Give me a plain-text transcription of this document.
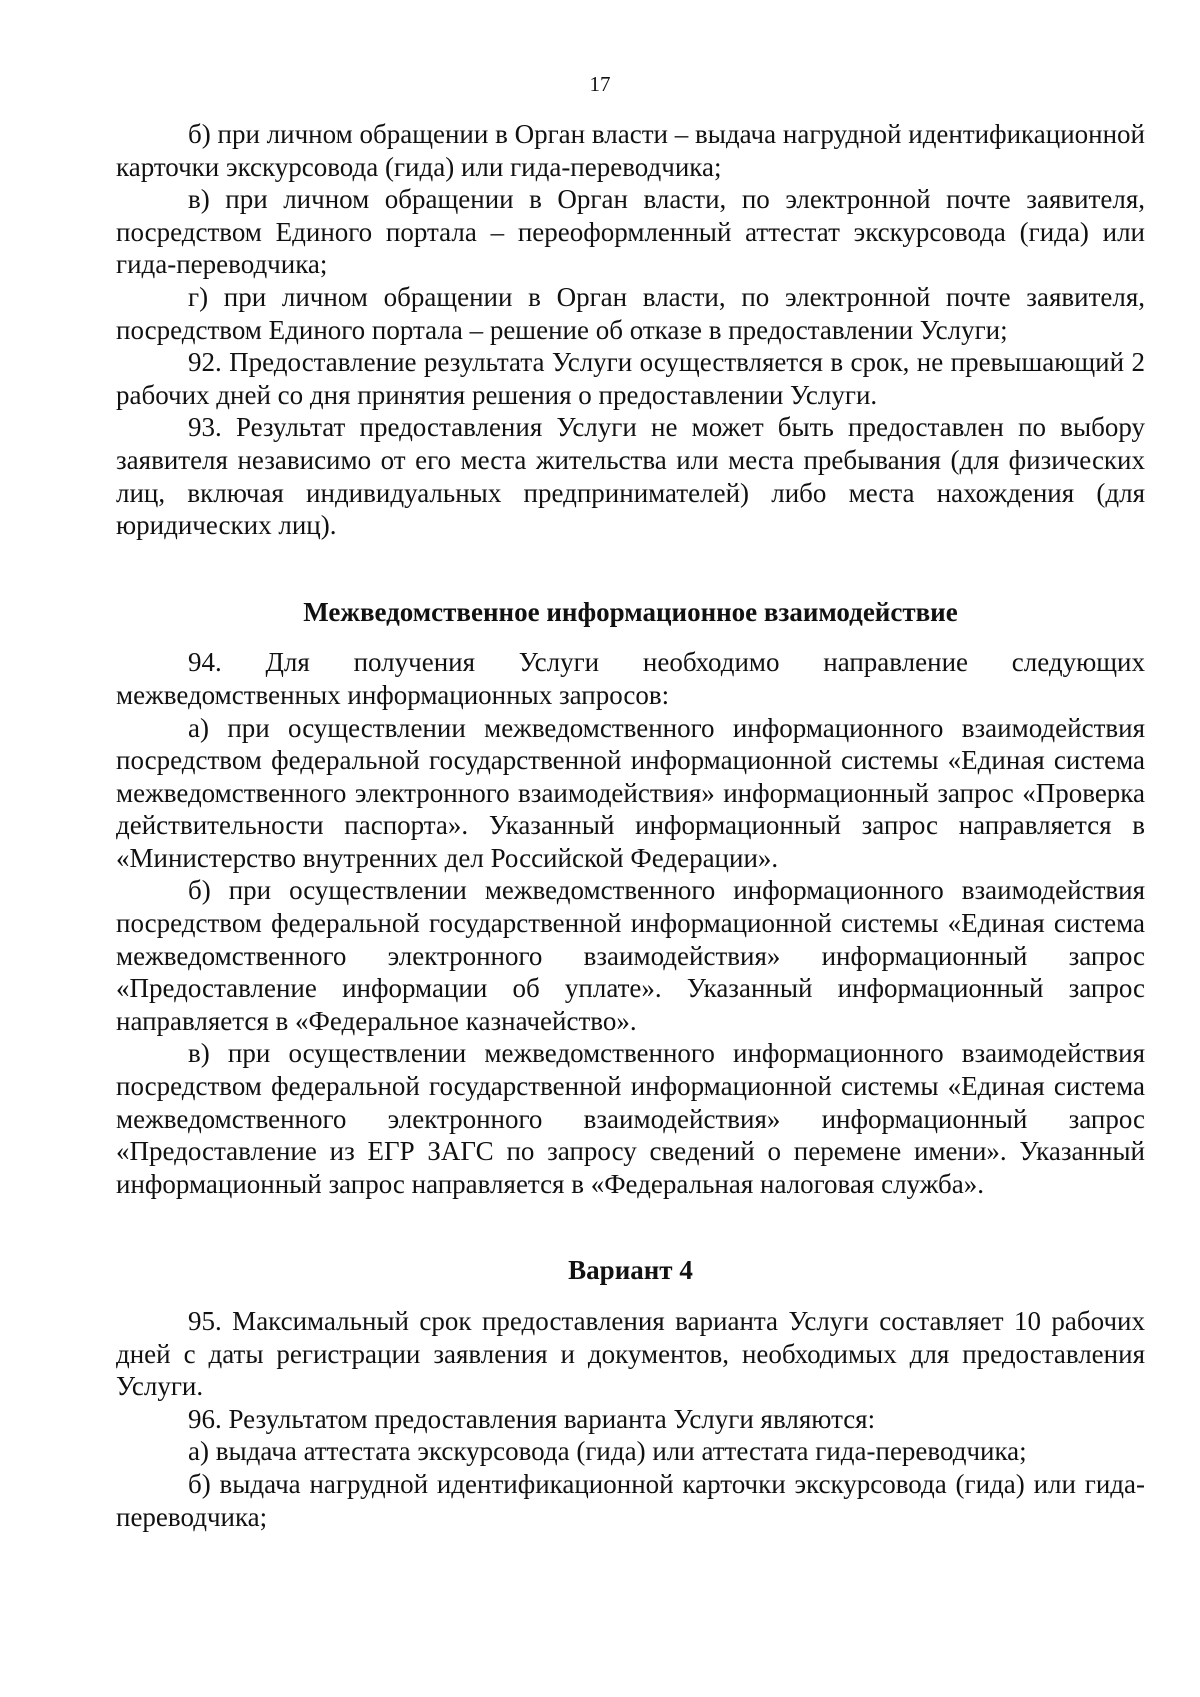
17

б) при личном обращении в Орган власти – выдача нагрудной идентификационной карточки экскурсовода (гида) или гида-переводчика;

в) при личном обращении в Орган власти, по электронной почте заявителя, посредством Единого портала – переоформленный аттестат экскурсовода (гида) или гида-переводчика;

г) при личном обращении в Орган власти, по электронной почте заявителя, посредством Единого портала – решение об отказе в предоставлении Услуги;

92. Предоставление результата Услуги осуществляется в срок, не превышающий 2 рабочих дней со дня принятия решения о предоставлении Услуги.

93. Результат предоставления Услуги не может быть предоставлен по выбору заявителя независимо от его места жительства или места пребывания (для физических лиц, включая индивидуальных предпринимателей) либо места нахождения (для юридических лиц).

Межведомственное информационное взаимодействие

94. Для получения Услуги необходимо направление следующих межведомственных информационных запросов:

а) при осуществлении межведомственного информационного взаимодействия посредством федеральной государственной информационной системы «Единая система межведомственного электронного взаимодействия» информационный запрос «Проверка действительности паспорта». Указанный информационный запрос направляется в «Министерство внутренних дел Российской Федерации».

б) при осуществлении межведомственного информационного взаимодействия посредством федеральной государственной информационной системы «Единая система межведомственного электронного взаимодействия» информационный запрос «Предоставление информации об уплате». Указанный информационный запрос направляется в «Федеральное казначейство».

в) при осуществлении межведомственного информационного взаимодействия посредством федеральной государственной информационной системы «Единая система межведомственного электронного взаимодействия» информационный запрос «Предоставление из ЕГР ЗАГС по запросу сведений о перемене имени». Указанный информационный запрос направляется в «Федеральная налоговая служба».

Вариант 4

95. Максимальный срок предоставления варианта Услуги составляет 10 рабочих дней с даты регистрации заявления и документов, необходимых для предоставления Услуги.

96. Результатом предоставления варианта Услуги являются:

а) выдача аттестата экскурсовода (гида) или аттестата гида-переводчика;

б) выдача нагрудной идентификационной карточки экскурсовода (гида) или гида-переводчика;
